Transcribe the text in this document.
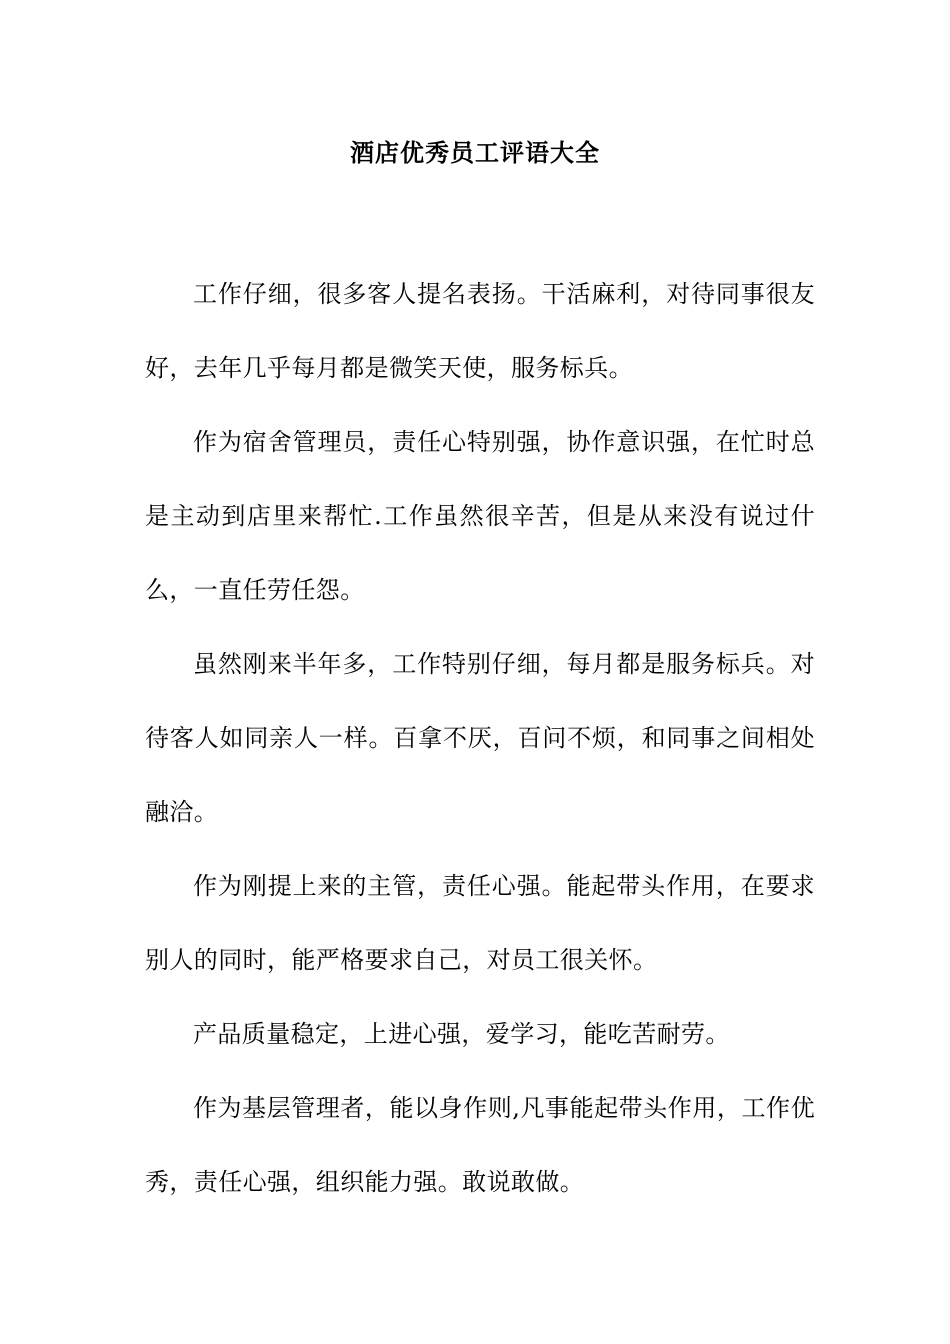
酒店优秀员工评语大全

工作仔细，很多客人提名表扬。干活麻利，对待同事很友好，去年几乎每月都是微笑天使，服务标兵。

作为宿舍管理员，责任心特别强，协作意识强，在忙时总是主动到店里来帮忙.工作虽然很辛苦，但是从来没有说过什么，一直任劳任怨。

虽然刚来半年多，工作特别仔细，每月都是服务标兵。对待客人如同亲人一样。百拿不厌，百问不烦，和同事之间相处融洽。

作为刚提上来的主管，责任心强。能起带头作用，在要求别人的同时，能严格要求自己，对员工很关怀。

产品质量稳定，上进心强，爱学习，能吃苦耐劳。

作为基层管理者，能以身作则,凡事能起带头作用，工作优秀，责任心强，组织能力强。敢说敢做。
